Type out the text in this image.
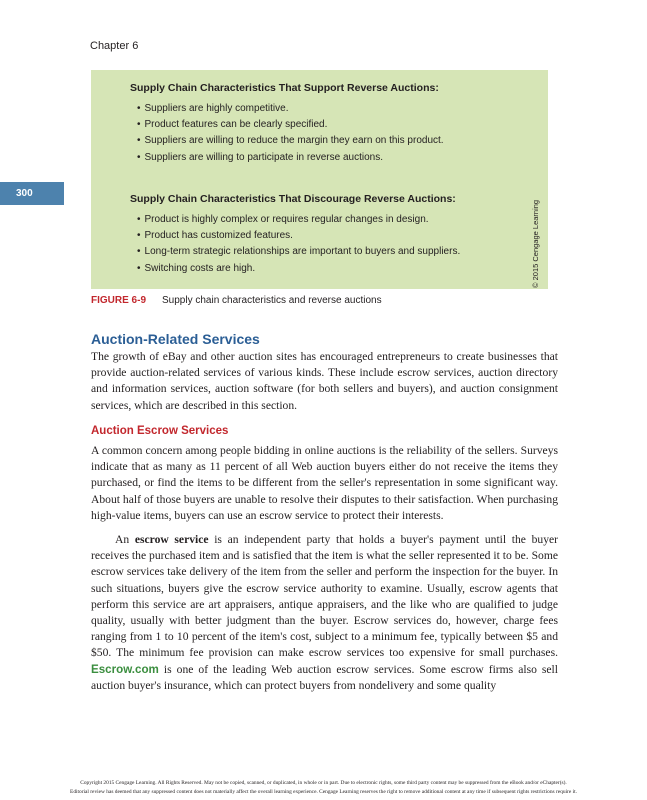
Chapter 6
300
Supply Chain Characteristics That Support Reverse Auctions:
• Suppliers are highly competitive.
• Product features can be clearly specified.
• Suppliers are willing to reduce the margin they earn on this product.
• Suppliers are willing to participate in reverse auctions.
Supply Chain Characteristics That Discourage Reverse Auctions:
• Product is highly complex or requires regular changes in design.
• Product has customized features.
• Long-term strategic relationships are important to buyers and suppliers.
• Switching costs are high.	© 2015 Cengage Learning
FIGURE 6-9 Supply chain characteristics and reverse auctions
Auction-Related Services

The growth of eBay and other auction sites has encouraged entrepreneurs to create businesses that provide auction-related services of various kinds. These include escrow services, auction directory and information services, auction software (for both sellers and buyers), and auction consignment services, which are described in this section.

Auction Escrow Services

A common concern among people bidding in online auctions is the reliability of the sellers. Surveys indicate that as many as 11 percent of all Web auction buyers either do not receive the items they purchased, or find the items to be different from the seller's representation in some significant way. About half of those buyers are unable to resolve their disputes to their satisfaction. When purchasing high-value items, buyers can use an escrow service to protect their interests.

An escrow service is an independent party that holds a buyer's payment until the buyer receives the purchased item and is satisfied that the item is what the seller represented it to be. Some escrow services take delivery of the item from the seller and perform the inspection for the buyer. In such situations, buyers give the escrow service authority to examine. Usually, escrow agents that perform this service are art appraisers, antique appraisers, and the like who are qualified to judge quality, usually with better judgment than the buyer. Escrow services do, however, charge fees ranging from 1 to 10 percent of the item's cost, subject to a minimum fee, typically between $5 and $50. The minimum fee provision can make escrow services too expensive for small purchases. Escrow.com is one of the leading Web auction escrow services. Some escrow firms also sell auction buyer's insurance, which can protect buyers from nondelivery and some quality

Copyright 2015 Cengage Learning. All Rights Reserved. May not be copied, scanned, or duplicated, in whole or in part. Due to electronic rights, some third party content may be suppressed from the eBook and/or eChapter(s).
Editorial review has deemed that any suppressed content does not materially affect the overall learning experience. Cengage Learning reserves the right to remove additional content at any time if subsequent rights restrictions require it.
